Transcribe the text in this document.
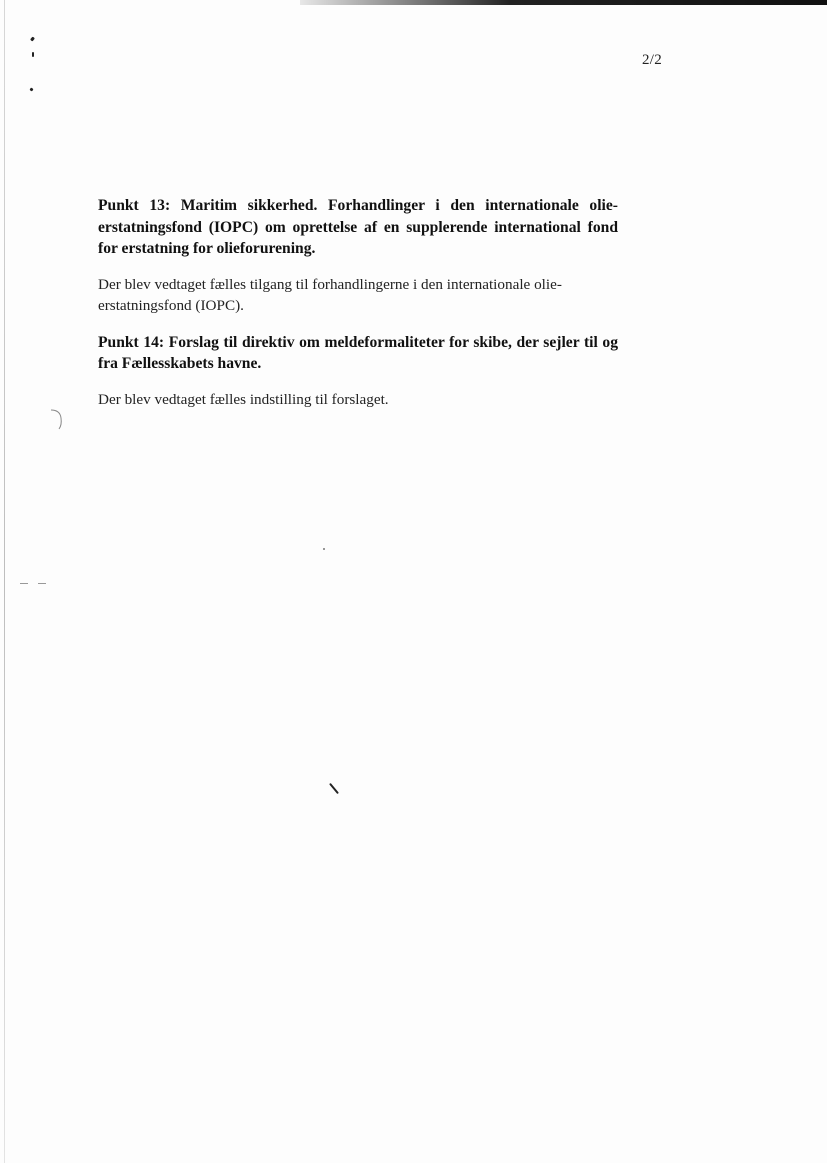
2/2

Punkt 13: Maritim sikkerhed. Forhandlinger i den internationale olie-erstatningsfond (IOPC) om oprettelse af en supplerende international fond for erstatning for olieforurening.

Der blev vedtaget fælles tilgang til forhandlingerne i den internationale olie-erstatningsfond (IOPC).

Punkt 14: Forslag til direktiv om meldeformaliteter for skibe, der sejler til og fra Fællesskabets havne.

Der blev vedtaget fælles indstilling til forslaget.
